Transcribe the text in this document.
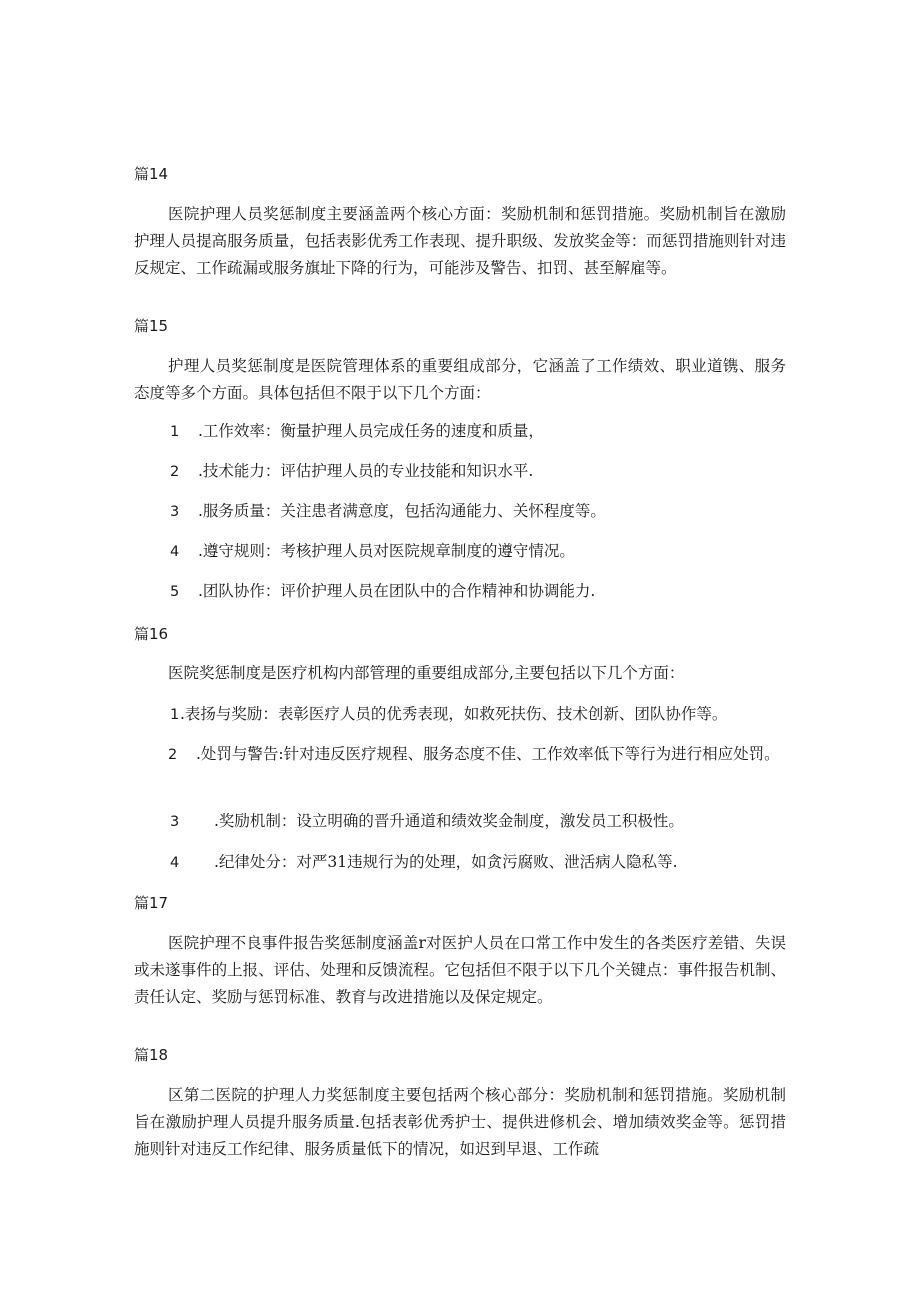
篇14
医院护理人员奖惩制度主要涵盖两个核心方面：奖励机制和惩罚措施。奖励机制旨在激励护理人员提高服务质量，包括表影优秀工作表现、提升职级、发放奖金等：而惩罚措施则针对违反规定、工作疏漏或服务旗址下降的行为，可能涉及警告、扣罚、甚至解雇等。
篇15
护理人员奖惩制度是医院管理体系的重要组成部分，它涵盖了工作绩效、职业道镌、服务态度等多个方面。具体包括但不限于以下几个方面：
1 .工作效率：衡量护理人员完成任务的速度和质量，
2 .技术能力：评估护理人员的专业技能和知识水平.
3 .服务质量：关注患者满意度，包括沟通能力、关怀程度等。
4 .遵守规则：考核护理人员对医院规章制度的遵守情况。
5 .团队协作：评价护理人员在团队中的合作精神和协调能力.
篇16
医院奖惩制度是医疗机构内部管理的重要组成部分,主要包括以下几个方面：
1.表扬与奖励：表彰医疗人员的优秀表现，如救死扶伤、技术创新、团队协作等。
2 .处罚与警告:针对违反医疗规程、服务态度不佳、工作效率低下等行为进行相应处罚。
3 .奖励机制：设立明确的晋升通道和绩效奖金制度，激发员工积极性。
4 .纪律处分：对严31违规行为的处理，如贪污腐败、泄活病人隐私等.
篇17
医院护理不良事件报告奖惩制度涵盖r对医护人员在口常工作中发生的各类医疗差错、失误或未遂事件的上报、评估、处理和反馈流程。它包括但不限于以下几个关键点：事件报告机制、责任认定、奖励与惩罚标准、教育与改进措施以及保定规定。
篇18
区第二医院的护理人力奖惩制度主要包括两个核心部分：奖励机制和惩罚措施。奖励机制旨在激励护理人员提升服务质量.包括表彰优秀护士、提供进修机会、增加绩效奖金等。惩罚措施则针对违反工作纪律、服务质量低下的情况，如迟到早退、工作疏
